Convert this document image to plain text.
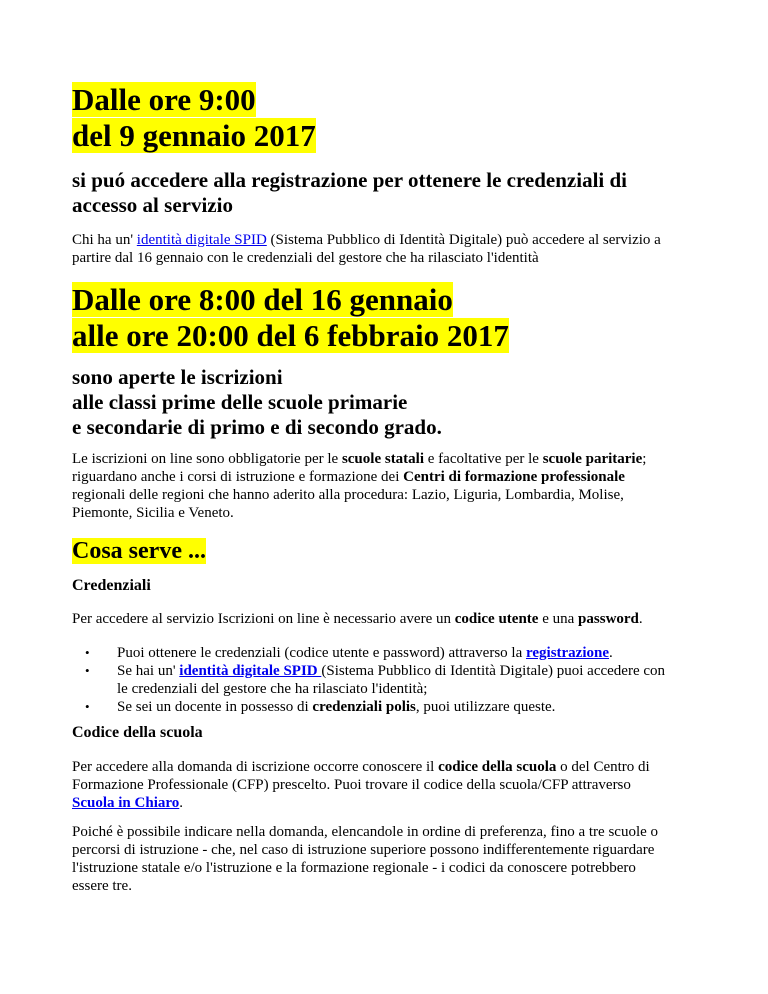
Dalle ore 9:00
del 9 gennaio 2017
si puó accedere alla registrazione per ottenere le credenziali di
accesso al servizio

Chi ha un' identità digitale SPID (Sistema Pubblico di Identità Digitale) può accedere al servizio a
partire dal 16 gennaio con le credenziali del gestore che ha rilasciato l'identità

Dalle ore 8:00 del 16 gennaio
alle ore 20:00 del 6 febbraio 2017
sono aperte le iscrizioni
alle classi prime delle scuole primarie
e secondarie di primo e di secondo grado.

Le iscrizioni on line sono obbligatorie per le scuole statali e facoltative per le scuole paritarie;
riguardano anche i corsi di istruzione e formazione dei Centri di formazione professionale
regionali delle regioni che hanno aderito alla procedura: Lazio, Liguria, Lombardia, Molise,
Piemonte, Sicilia e Veneto.

Cosa serve ...
Credenziali

Per accedere al servizio Iscrizioni on line è necessario avere un codice utente e una password.

• Puoi ottenere le credenziali (codice utente e password) attraverso la registrazione.
• Se hai un' identità digitale SPID (Sistema Pubblico di Identità Digitale) puoi accedere con
le credenziali del gestore che ha rilasciato l'identità;
• Se sei un docente in possesso di credenziali polis, puoi utilizzare queste.
Codice della scuola

Per accedere alla domanda di iscrizione occorre conoscere il codice della scuola o del Centro di
Formazione Professionale (CFP) prescelto. Puoi trovare il codice della scuola/CFP attraverso
Scuola in Chiaro.

Poiché è possibile indicare nella domanda, elencandole in ordine di preferenza, fino a tre scuole o
percorsi di istruzione - che, nel caso di istruzione superiore possono indifferentemente riguardare
l'istruzione statale e/o l'istruzione e la formazione regionale - i codici da conoscere potrebbero
essere tre.
